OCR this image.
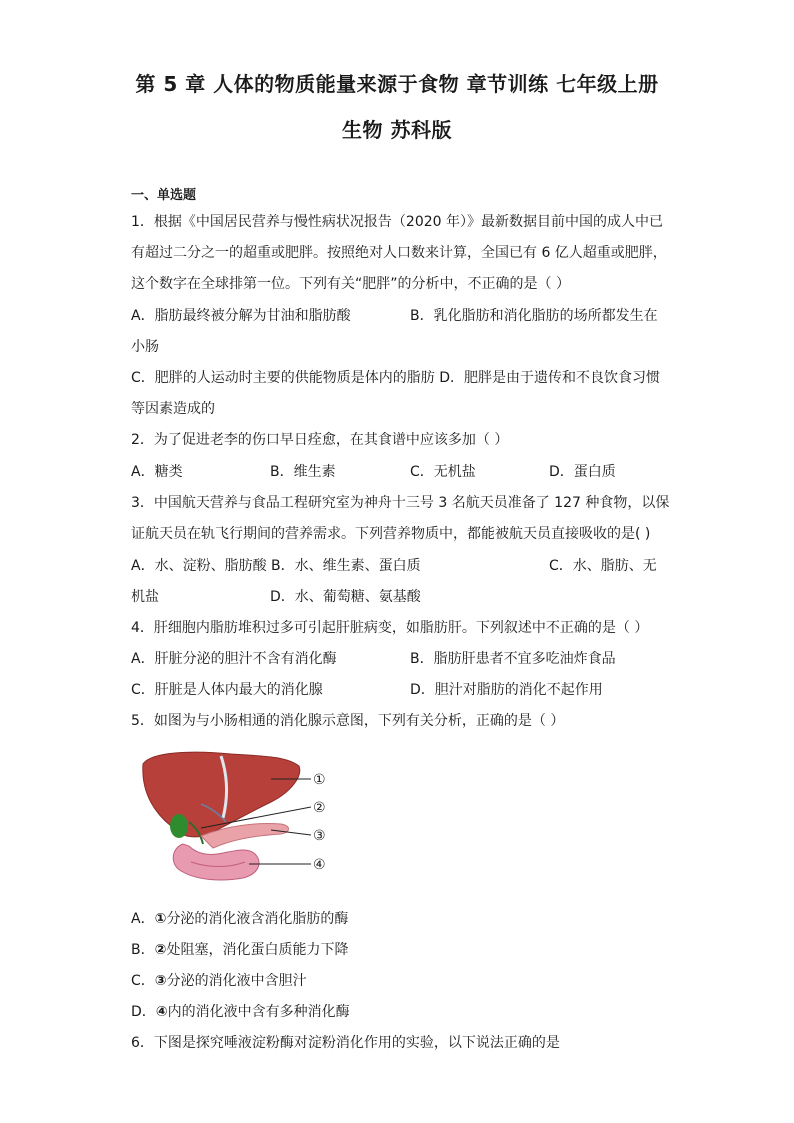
第 5 章 人体的物质能量来源于食物 章节训练 七年级上册
生物 苏科版
一、单选题
1．根据《中国居民营养与慢性病状况报告（2020 年）》最新数据目前中国的成人中已
有超过二分之一的超重或肥胖。按照绝对人口数来计算，全国已有 6 亿人超重或肥胖，
这个数字在全球排第一位。下列有关“肥胖”的分析中，不正确的是（ ）
A．脂肪最终被分解为甘油和脂肪酸	B．乳化脂肪和消化脂肪的场所都发生在
小肠
C．肥胖的人运动时主要的供能物质是体内的脂肪 D．肥胖是由于遗传和不良饮食习惯
等因素造成的
2．为了促进老李的伤口早日痊愈，在其食谱中应该多加（ ）
A．糖类	B．维生素	C．无机盐	D．蛋白质
3．中国航天营养与食品工程研究室为神舟十三号 3 名航天员准备了 127 种食物，以保
证航天员在轨飞行期间的营养需求。下列营养物质中，都能被航天员直接吸收的是( )
A．水、淀粉、脂肪酸 B．水、维生素、蛋白质	C．水、脂肪、无
机盐	D．水、葡萄糖、氨基酸
4．肝细胞内脂肪堆积过多可引起肝脏病变，如脂肪肝。下列叙述中不正确的是（ ）
A．肝脏分泌的胆汁不含有消化酶	B．脂肪肝患者不宜多吃油炸食品
C．肝脏是人体内最大的消化腺	D．胆汁对脂肪的消化不起作用
5．如图为与小肠相通的消化腺示意图，下列有关分析，正确的是（ ）
①
②
③
④
A．①分泌的消化液含消化脂肪的酶
B．②处阻塞，消化蛋白质能力下降
C．③分泌的消化液中含胆汁
D．④内的消化液中含有多种消化酶
6．下图是探究唾液淀粉酶对淀粉消化作用的实验，以下说法正确的是
